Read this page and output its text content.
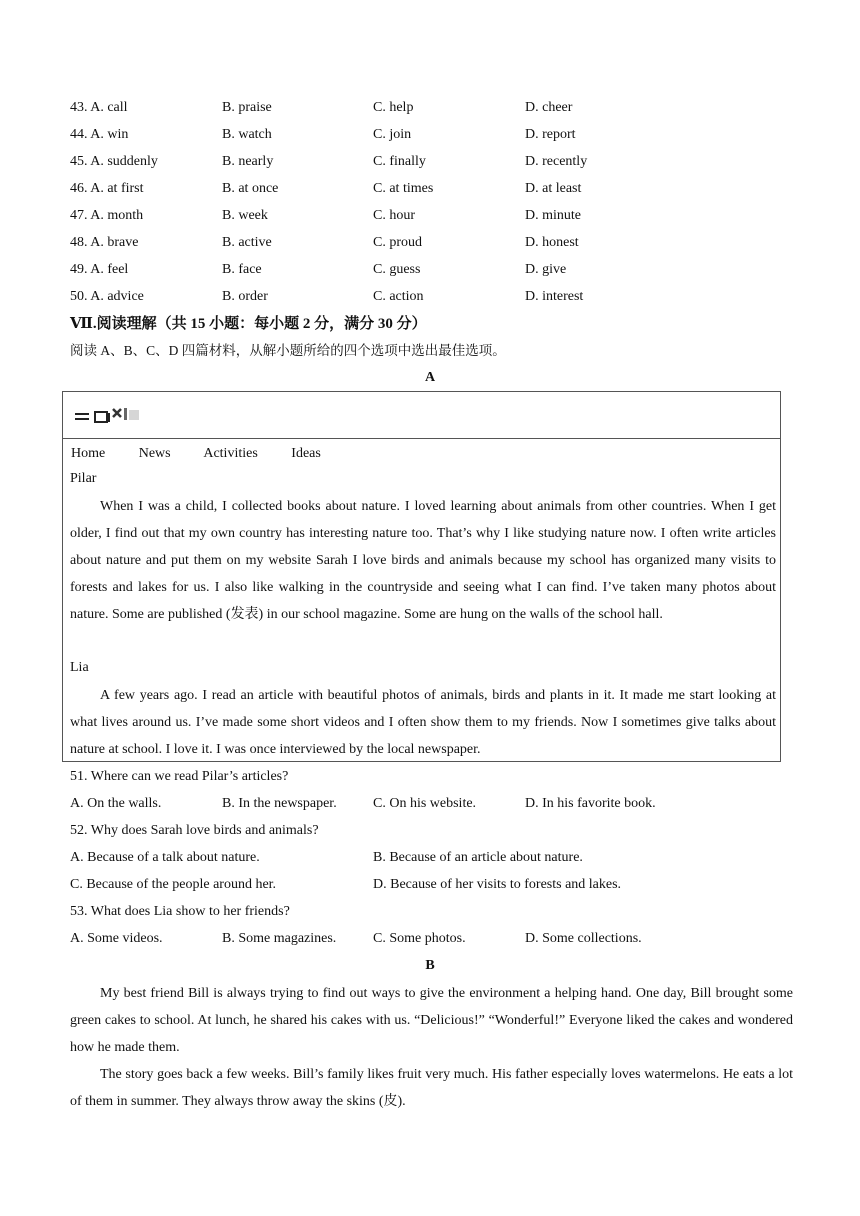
43. A. call	B. praise	C. help	D. cheer
44. A. win	B. watch	C. join	D. report
45. A. suddenly	B. nearly	C. finally	D. recently
46. A. at first	B. at once	C. at times	D. at least
47. A. month	B. week	C. hour	D. minute
48. A. brave	B. active	C. proud	D. honest
49. A. feel	B. face	C. guess	D. give
50. A. advice	B. order	C. action	D. interest
Ⅶ.阅读理解（共 15 小题：每小题 2 分，满分 30 分）
阅读 A、B、C、D 四篇材料，从解小题所给的四个选项中选出最佳选项。
A
Home News Activities Ideas
Pilar

When I was a child, I collected books about nature. I loved learning about animals from other countries. When I get older, I find out that my own country has interesting nature too. That’s why I like studying nature now. I often write articles about nature and put them on my website Sarah I love birds and animals because my school has organized many visits to forests and lakes for us. I also like walking in the countryside and seeing what I can find. I’ve taken many photos about nature. Some are published (发表) in our school magazine. Some are hung on the walls of the school hall.

Lia

A few years ago. I read an article with beautiful photos of animals, birds and plants in it. It made me start looking at what lives around us. I’ve made some short videos and I often show them to my friends. Now I sometimes give talks about nature at school. I love it. I was once interviewed by the local newspaper.

51. Where can we read Pilar’s articles?
A. On the walls.	B. In the newspaper.	C. On his website.	D. In his favorite book.
52. Why does Sarah love birds and animals?
A. Because of a talk about nature.	B. Because of an article about nature.
C. Because of the people around her.	D. Because of her visits to forests and lakes.
53. What does Lia show to her friends?
A. Some videos.	B. Some magazines.	C. Some photos.	D. Some collections.
B

My best friend Bill is always trying to find out ways to give the environment a helping hand. One day, Bill brought some green cakes to school. At lunch, he shared his cakes with us. “Delicious!” “Wonderful!” Everyone liked the cakes and wondered how he made them.

The story goes back a few weeks. Bill’s family likes fruit very much. His father especially loves watermelons. He eats a lot of them in summer. They always throw away the skins (皮).
